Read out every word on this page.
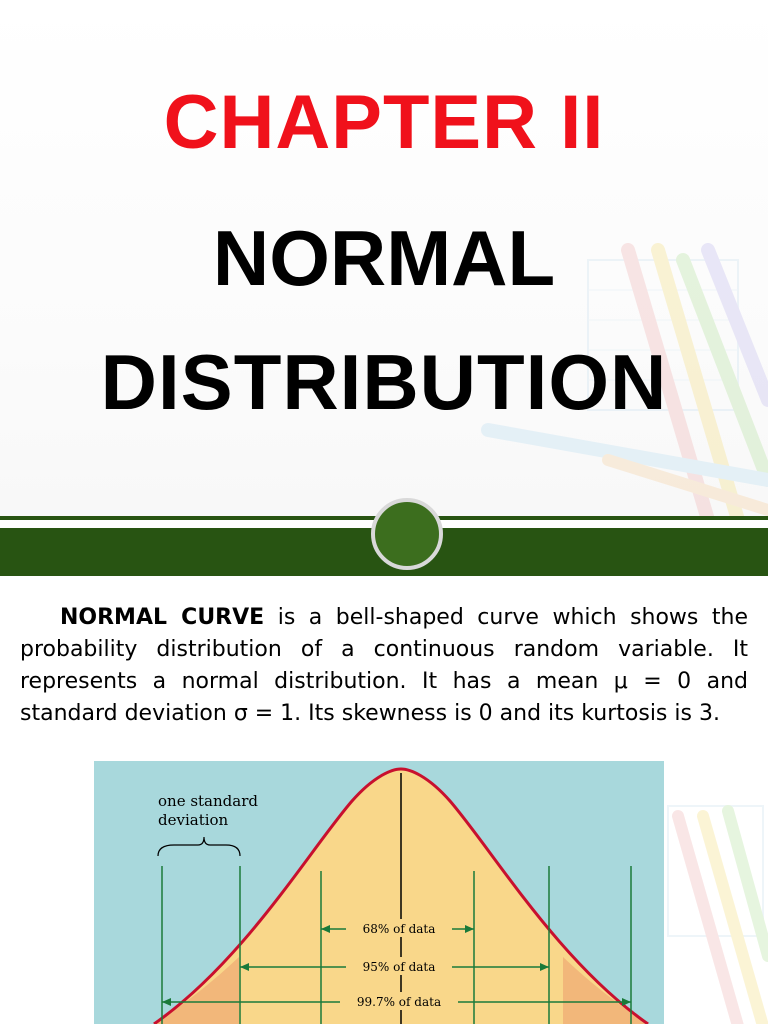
CHAPTER II
NORMAL
DISTRIBUTION
NORMAL CURVE is a bell-shaped curve which shows the probability distribution of a continuous random variable. It represents a normal distribution. It has a mean μ = 0 and standard deviation σ = 1. Its skewness is 0 and its kurtosis is 3.
one standard
deviation
68% of data
95% of data
99.7% of data
